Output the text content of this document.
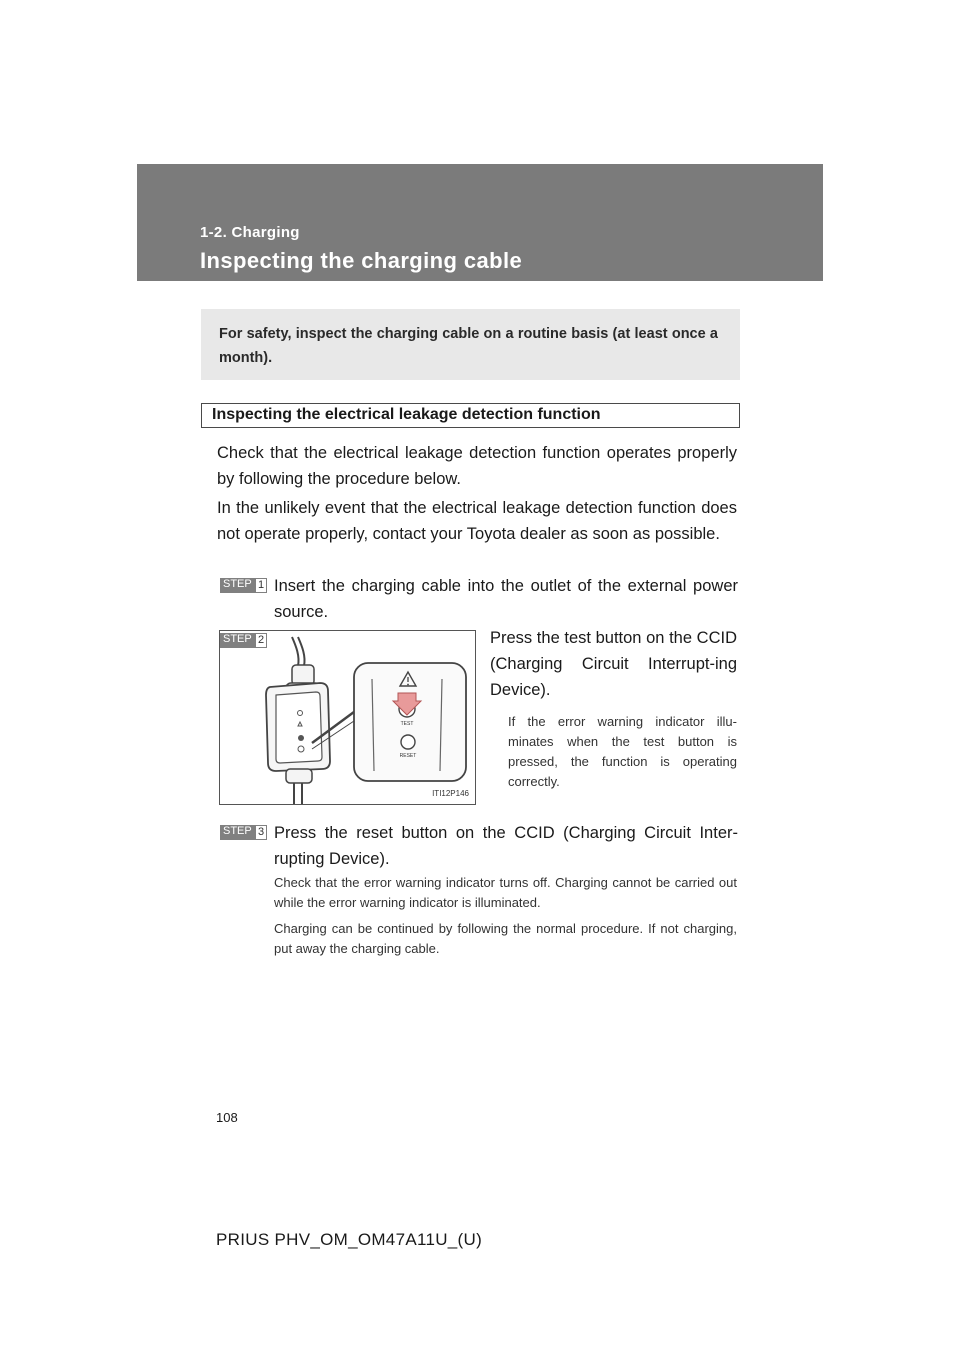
1-2. Charging
Inspecting the charging cable
For safety, inspect the charging cable on a routine basis (at least once a month).
Inspecting the electrical leakage detection function

Check that the electrical leakage detection function operates properly by following the procedure below.

In the unlikely event that the electrical leakage detection function does not operate properly, contact your Toyota dealer as soon as possible.

STEP 1 Insert the charging cable into the outlet of the external power source.

STEP 2
TEST
RESET
ITI12P146

Press the test button on the CCID (Charging Circuit Interrupt-ing Device).

If the error warning indicator illu-minates when the test button is pressed, the function is operating correctly.

STEP 3 Press the reset button on the CCID (Charging Circuit Inter-rupting Device).

Check that the error warning indicator turns off. Charging cannot be carried out while the error warning indicator is illuminated.

Charging can be continued by following the normal procedure. If not charging, put away the charging cable.

108
PRIUS PHV_OM_OM47A11U_(U)
